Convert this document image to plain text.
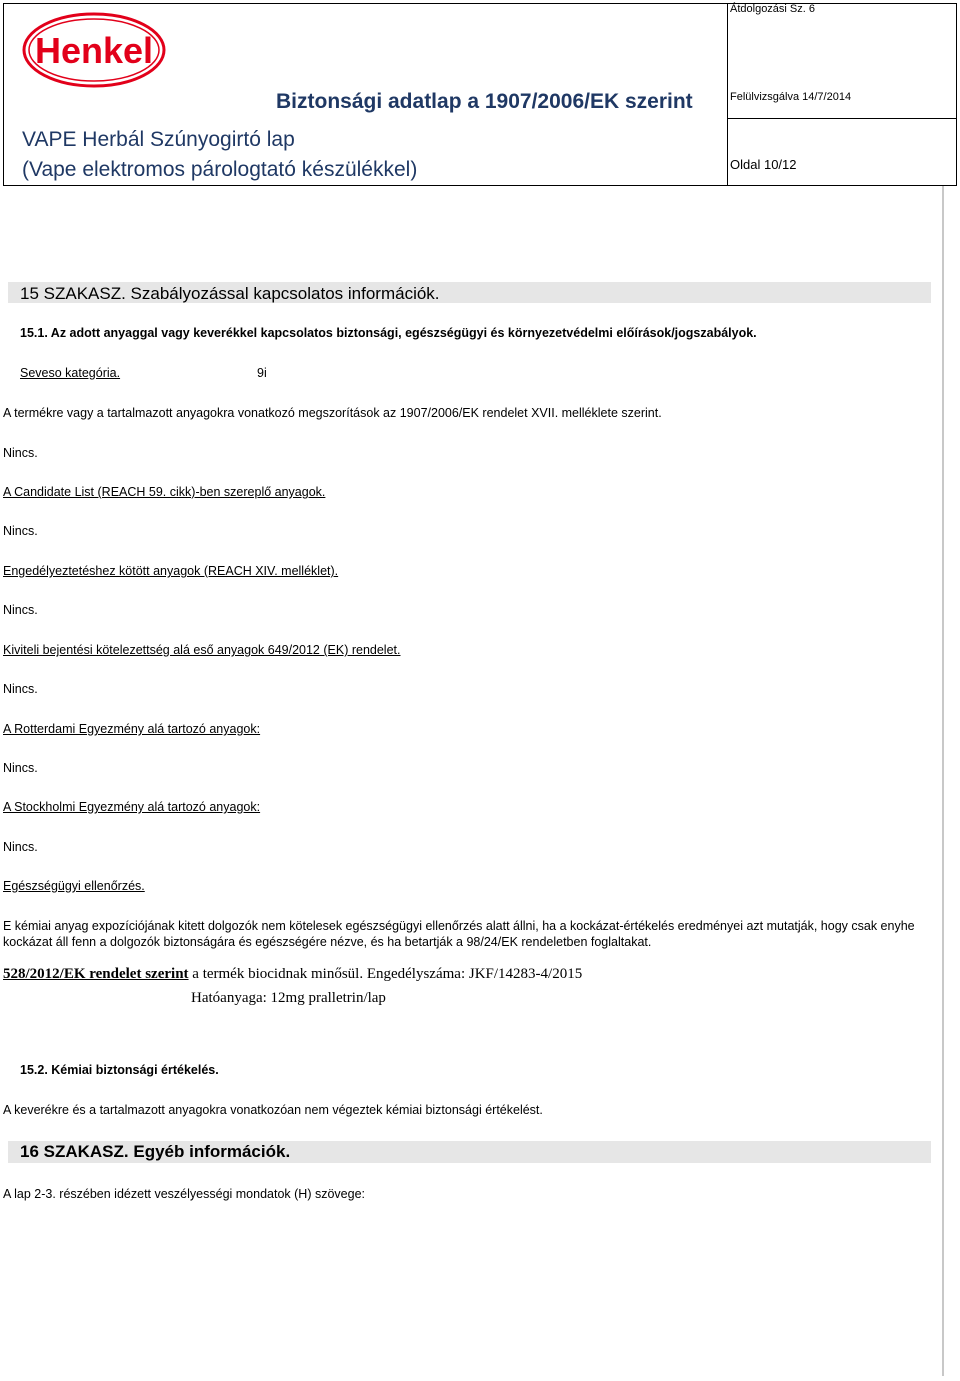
Henkel
Biztonsági adatlap a 1907/2006/EK szerint
VAPE Herbál Szúnyogirtó lap
(Vape elektromos párologtató készülékkel)
Átdolgozási Sz. 6
Felülvizsgálva 14/7/2014
Oldal 10/12
15 SZAKASZ. Szabályozással kapcsolatos információk.
15.1. Az adott anyaggal vagy keverékkel kapcsolatos biztonsági, egészségügyi és környezetvédelmi előírások/jogszabályok.
Seveso kategória.	9i
A termékre vagy a tartalmazott anyagokra vonatkozó megszorítások az 1907/2006/EK rendelet XVII. melléklete szerint.
Nincs.
A Candidate List (REACH 59. cikk)-ben szereplő anyagok.
Nincs.
Engedélyeztetéshez kötött anyagok (REACH XIV. melléklet).
Nincs.
Kiviteli bejentési kötelezettség alá eső anyagok 649/2012 (EK) rendelet.
Nincs.
A Rotterdami Egyezmény alá tartozó anyagok:
Nincs.
A Stockholmi Egyezmény alá tartozó anyagok:
Nincs.
Egészségügyi ellenőrzés.
E kémiai anyag expozíciójának kitett dolgozók nem kötelesek egészségügyi ellenőrzés alatt állni, ha a kockázat-értékelés eredményei azt mutatják, hogy csak enyhe kockázat áll fenn a dolgozók biztonságára és egészségére nézve, és ha betartják a 98/24/EK rendeletben foglaltakat.
528/2012/EK rendelet szerint a termék biocidnak minősül. Engedélyszáma: JKF/14283-4/2015
Hatóanyaga: 12mg pralletrin/lap
15.2. Kémiai biztonsági értékelés.
A keverékre és a tartalmazott anyagokra vonatkozóan nem végeztek kémiai biztonsági értékelést.
16 SZAKASZ. Egyéb információk.
A lap 2-3. részében idézett veszélyességi mondatok (H) szövege:
